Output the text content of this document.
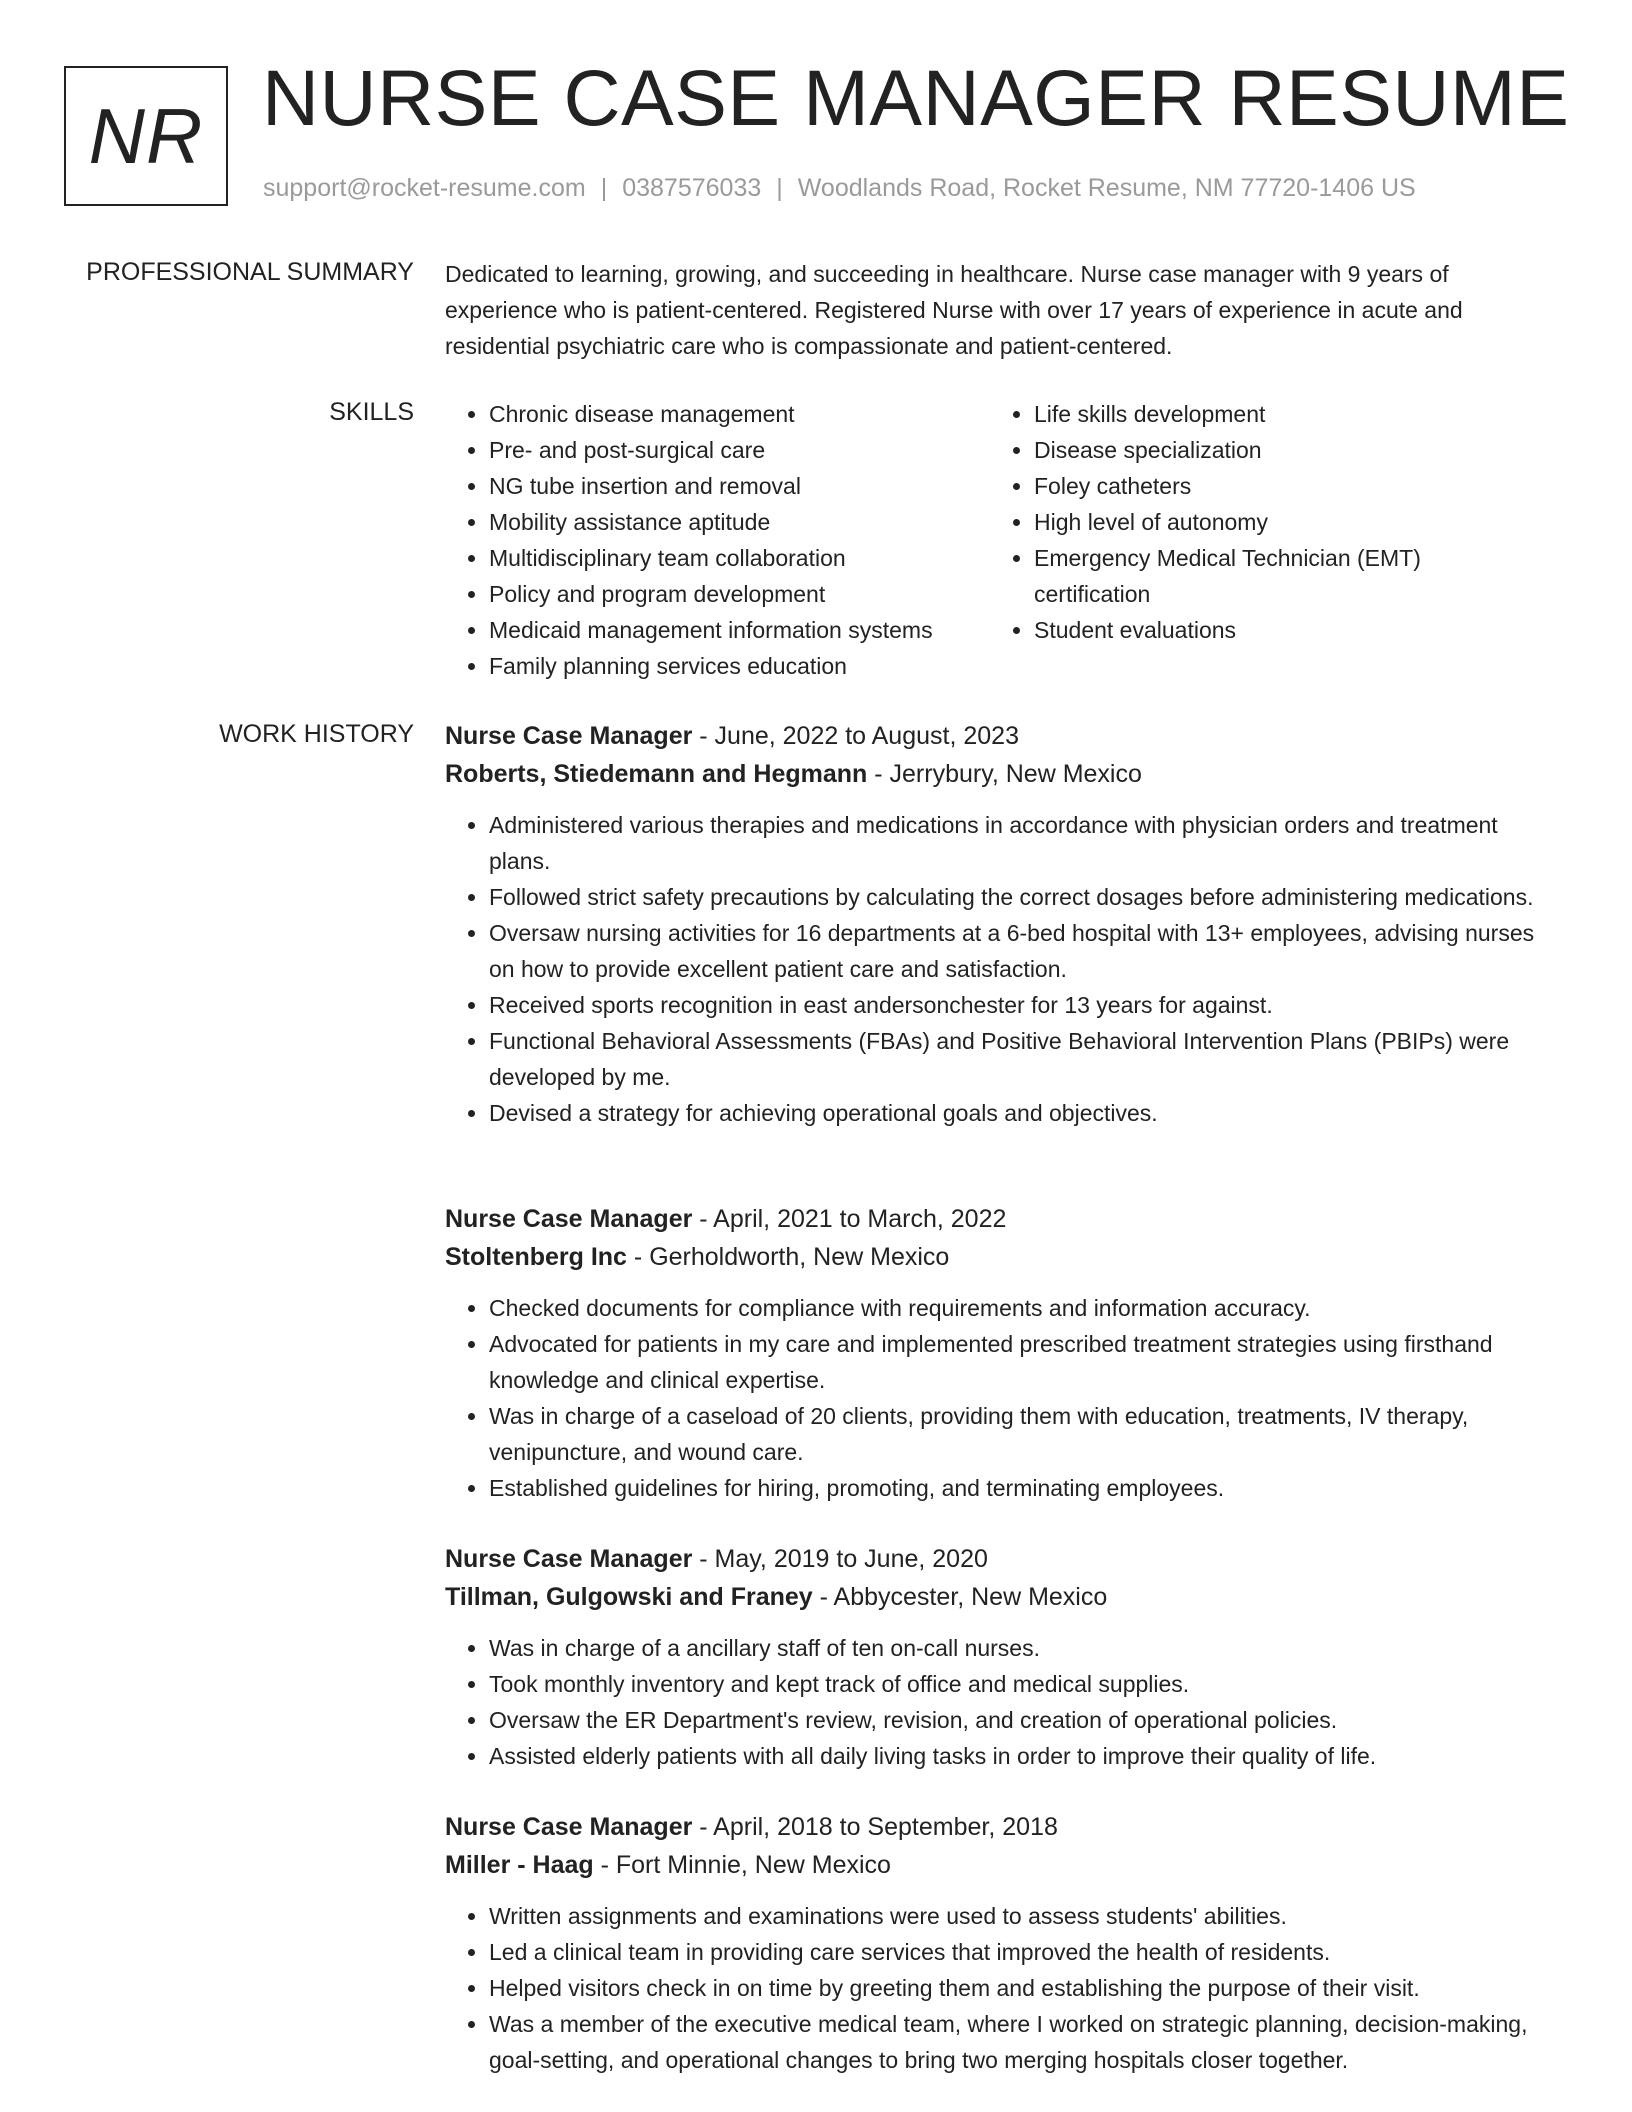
NR NURSE CASE MANAGER RESUME
support@rocket-resume.com | 0387576033 | Woodlands Road, Rocket Resume, NM 77720-1406 US
PROFESSIONAL SUMMARY Dedicated to learning, growing, and succeeding in healthcare. Nurse case manager with 9 years of experience who is patient-centered. Registered Nurse with over 17 years of experience in acute and residential psychiatric care who is compassionate and patient-centered.

SKILLS
•	Chronic disease management
• Pre- and post-surgical care
• NG tube insertion and removal
• Mobility assistance aptitude
• Multidisciplinary team collaboration
• Policy and program development
• Medicaid management information systems
• Family planning services education
• Life skills development
• Disease specialization
• Foley catheters
• High level of autonomy
• Emergency Medical Technician (EMT) certification
• Student evaluations
WORK HISTORY Nurse Case Manager - June, 2022 to August, 2023
Roberts, Stiedemann and Hegmann - Jerrybury, New Mexico
• Administered various therapies and medications in accordance with physician orders and treatment plans.
• Followed strict safety precautions by calculating the correct dosages before administering medications.
• Oversaw nursing activities for 16 departments at a 6-bed hospital with 13+ employees, advising nurses on how to provide excellent patient care and satisfaction.
• Received sports recognition in east andersonchester for 13 years for against.
• Functional Behavioral Assessments (FBAs) and Positive Behavioral Intervention Plans (PBIPs) were developed by me.
• Devised a strategy for achieving operational goals and objectives.
Nurse Case Manager - April, 2021 to March, 2022
Stoltenberg Inc - Gerholdworth, New Mexico
• Checked documents for compliance with requirements and information accuracy.
• Advocated for patients in my care and implemented prescribed treatment strategies using firsthand knowledge and clinical expertise.
• Was in charge of a caseload of 20 clients, providing them with education, treatments, IV therapy, venipuncture, and wound care.
• Established guidelines for hiring, promoting, and terminating employees.
Nurse Case Manager - May, 2019 to June, 2020
Tillman, Gulgowski and Franey - Abbycester, New Mexico
• Was in charge of a ancillary staff of ten on-call nurses.
• Took monthly inventory and kept track of office and medical supplies.
• Oversaw the ER Department's review, revision, and creation of operational policies.
• Assisted elderly patients with all daily living tasks in order to improve their quality of life.
Nurse Case Manager - April, 2018 to September, 2018
Miller - Haag - Fort Minnie, New Mexico
• Written assignments and examinations were used to assess students' abilities.
• Led a clinical team in providing care services that improved the health of residents.
• Helped visitors check in on time by greeting them and establishing the purpose of their visit.
• Was a member of the executive medical team, where I worked on strategic planning, decision-making, goal-setting, and operational changes to bring two merging hospitals closer together.
